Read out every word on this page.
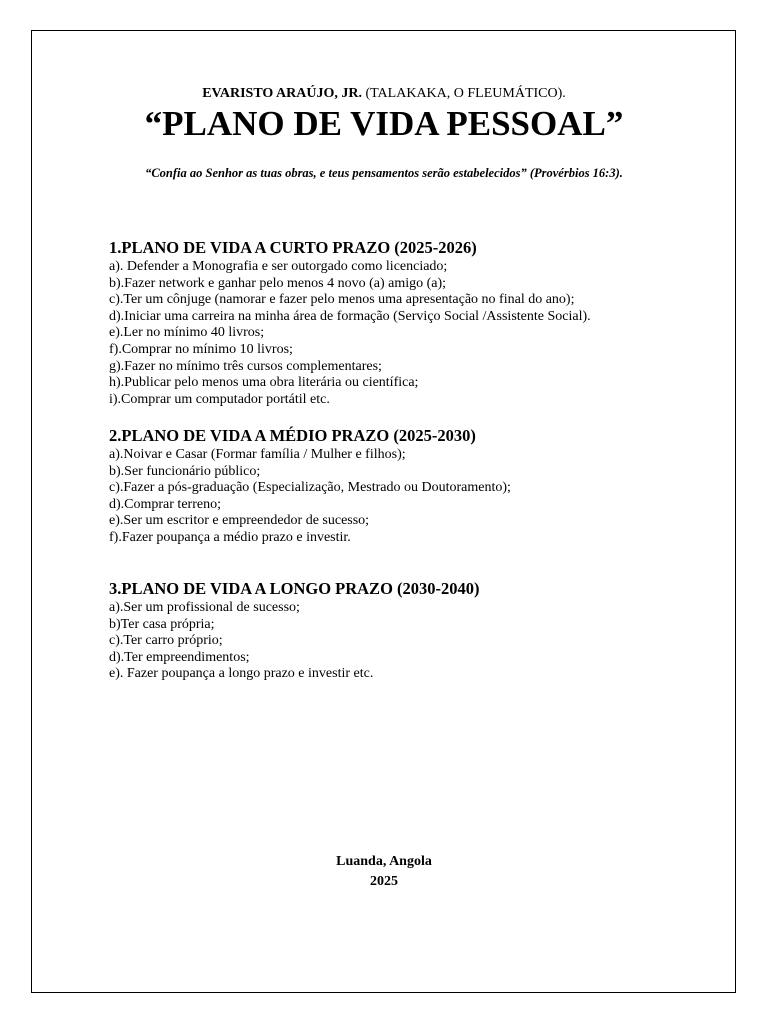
EVARISTO ARAÚJO, JR. (TALAKAKA, O FLEUMÁTICO).
“PLANO DE VIDA PESSOAL”
“Confia ao Senhor as tuas obras, e teus pensamentos serão estabelecidos” (Provérbios 16:3).
1.PLANO DE VIDA A CURTO PRAZO (2025-2026)
a). Defender a Monografia e ser outorgado como licenciado;
b).Fazer network e ganhar pelo menos 4 novo (a) amigo (a);
c).Ter um cônjuge (namorar e fazer pelo menos uma apresentação no final do ano);
d).Iniciar uma carreira na minha área de formação (Serviço Social /Assistente Social).
e).Ler no mínimo 40 livros;
f).Comprar no mínimo 10 livros;
g).Fazer no mínimo três cursos complementares;
h).Publicar pelo menos uma obra literária ou científica;
i).Comprar um computador portátil etc.
2.PLANO DE VIDA A MÉDIO PRAZO (2025-2030)
a).Noivar e Casar (Formar família / Mulher e filhos);
b).Ser funcionário público;
c).Fazer a pós-graduação (Especialização, Mestrado ou Doutoramento);
d).Comprar terreno;
e).Ser um escritor e empreendedor de sucesso;
f).Fazer poupança a médio prazo e investir.
3.PLANO DE VIDA A LONGO PRAZO (2030-2040)
a).Ser um profissional de sucesso;
b)Ter casa própria;
c).Ter carro próprio;
d).Ter empreendimentos;
e). Fazer poupança a longo prazo e investir etc.
Luanda, Angola
2025
